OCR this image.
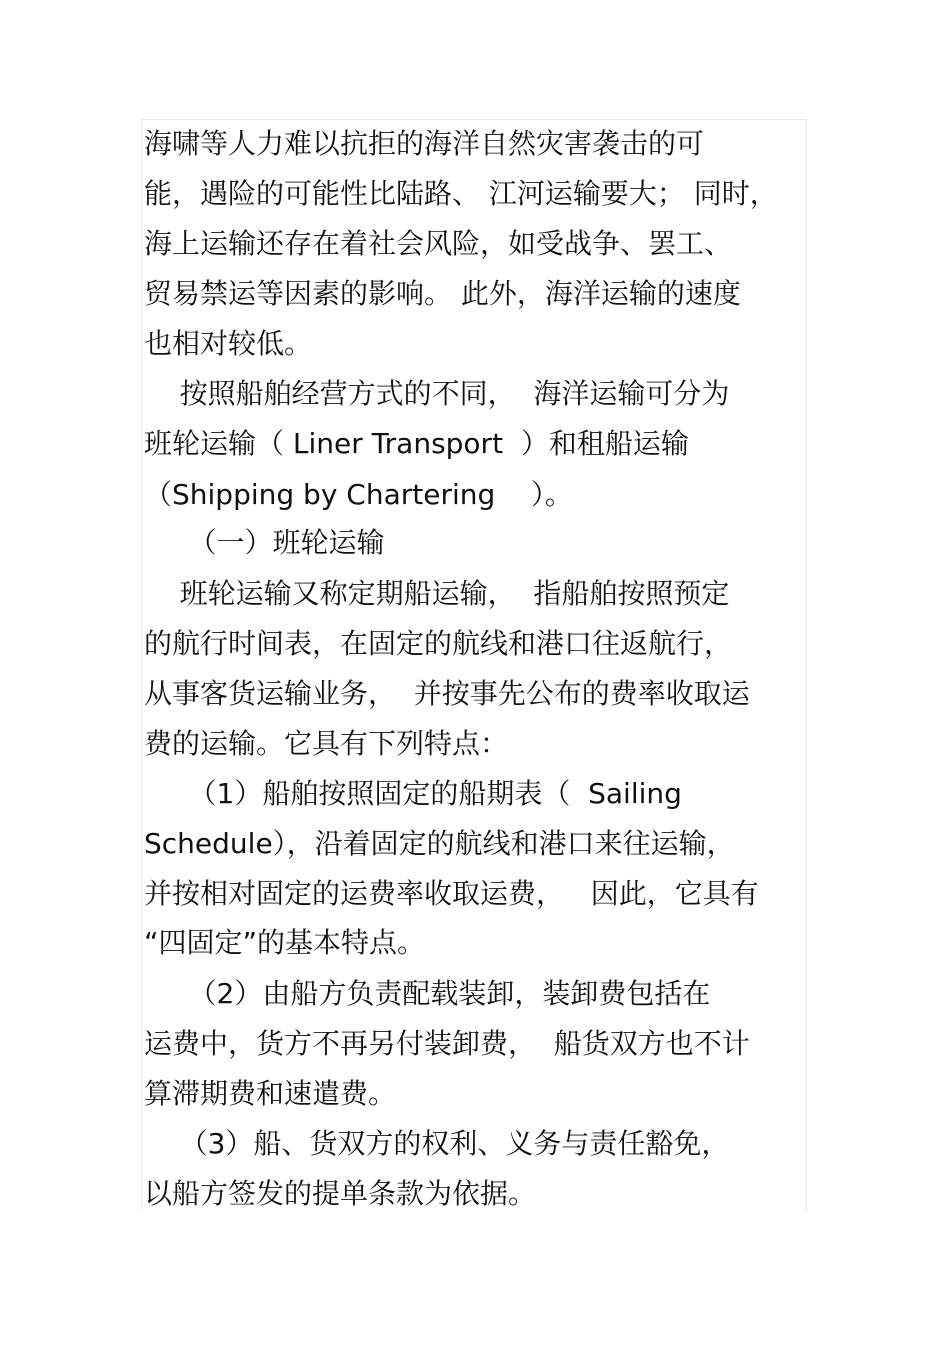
海啸等人力难以抗拒的海洋自然灾害袭击的可
能，遇险的可能性比陆路、 江河运输要大； 同时，
海上运输还存在着社会风险，如受战争、罢工、
贸易禁运等因素的影响。 此外，海洋运输的速度
也相对较低。
按照船舶经营方式的不同，  海洋运输可分为
班轮运输（ Liner Transport  ）和租船运输
（Shipping by Chartering    ）。
（一）班轮运输
班轮运输又称定期船运输，  指船舶按照预定
的航行时间表，在固定的航线和港口往返航行，
从事客货运输业务，  并按事先公布的费率收取运
费的运输。它具有下列特点：
（1）船舶按照固定的船期表（  Sailing
Schedule），沿着固定的航线和港口来往运输，
并按相对固定的运费率收取运费，   因此，它具有
“四固定”的基本特点。
（2）由船方负责配载装卸，装卸费包括在
运费中，货方不再另付装卸费，  船货双方也不计
算滞期费和速遣费。
（3）船、货双方的权利、义务与责任豁免，
以船方签发的提单条款为依据。
